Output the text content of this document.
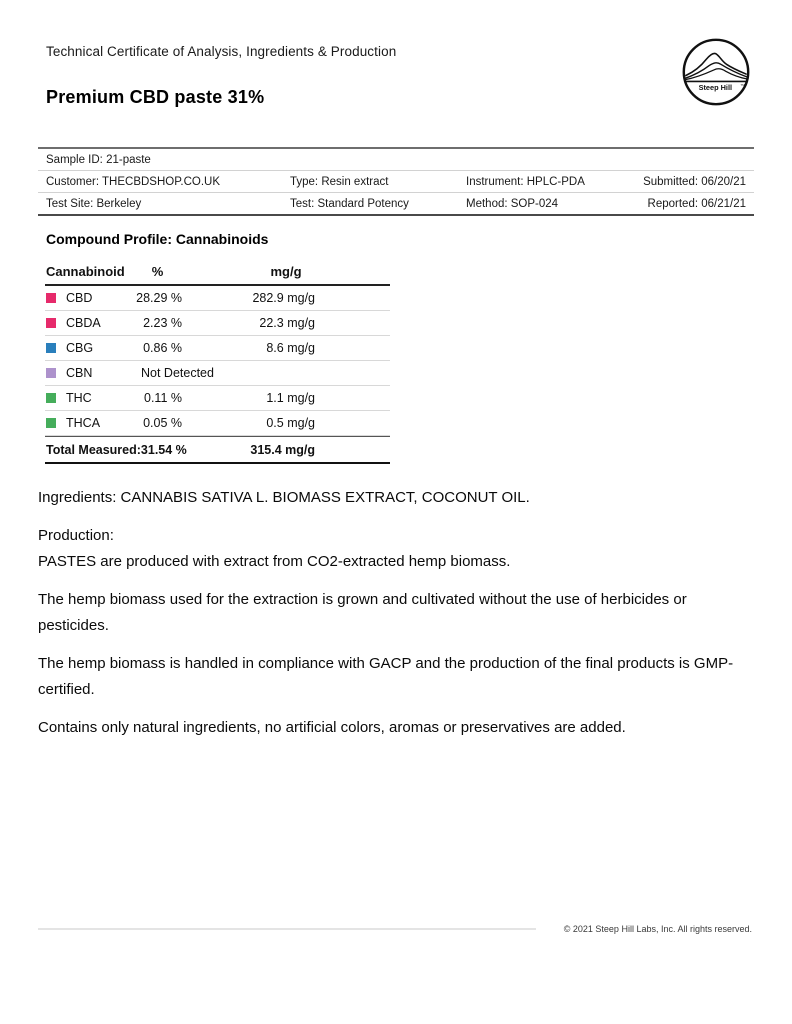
Technical Certificate of Analysis, Ingredients & Production
Steep Hill TM
Premium CBD paste 31%
Sample ID: 21-paste
Customer: THECBDSHOP.CO.UK	Type: Resin extract	Instrument: HPLC-PDA	Submitted: 06/20/21
Test Site: Berkeley	Test: Standard Potency	Method: SOP-024	Reported: 06/21/21
Compound Profile: Cannabinoids
Cannabinoid	%	mg/g
CBD	28.29 %	282.9 mg/g
CBDA	2.23 %	22.3 mg/g
CBG	0.86 %	8.6 mg/g
CBN	Not Detected
THC	0.11 %	1.1 mg/g
THCA	0.05 %	0.5 mg/g
Total Measured: 31.54 %	315.4 mg/g

Ingredients: CANNABIS SATIVA L. BIOMASS EXTRACT, COCONUT OIL.

Production:
PASTES are produced with extract from CO2-extracted hemp biomass.

The hemp biomass used for the extraction is grown and cultivated without the use of herbicides or pesticides.

The hemp biomass is handled in compliance with GACP and the production of the final products is GMP-certified.

Contains only natural ingredients, no artificial colors, aromas or preservatives are added.

© 2021 Steep Hill Labs, Inc. All rights reserved.
